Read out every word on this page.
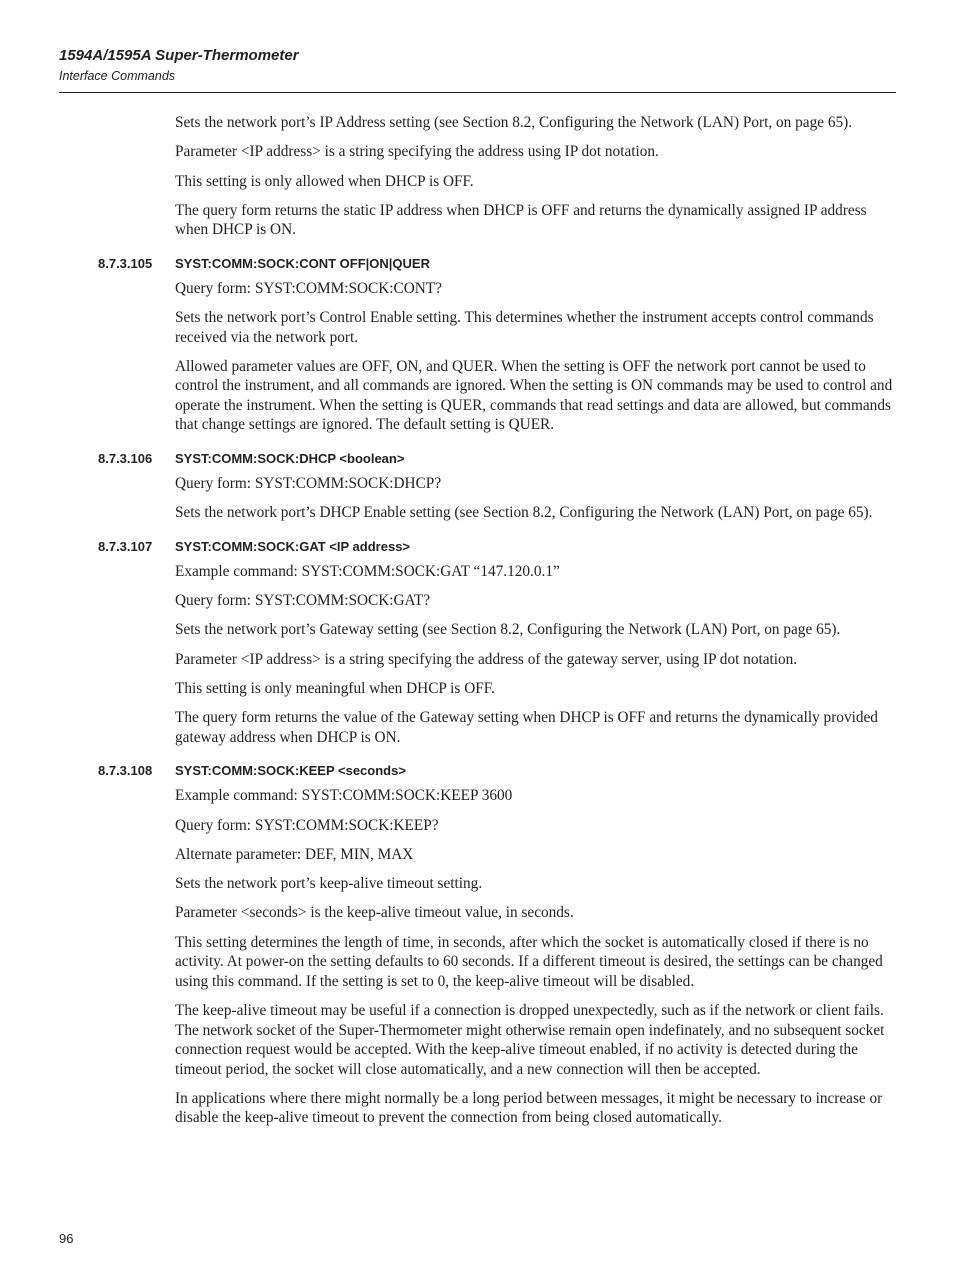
1594A/1595A Super-Thermometer
Interface Commands

Sets the network port’s IP Address setting (see Section 8.2, Configuring the Network (LAN) Port, on page 65).

Parameter <IP address> is a string specifying the address using IP dot notation.

This setting is only allowed when DHCP is OFF.

The query form returns the static IP address when DHCP is OFF and returns the dynamically assigned IP address when DHCP is ON.

8.7.3.105 SYST:COMM:SOCK:CONT OFF|ON|QUER

Query form: SYST:COMM:SOCK:CONT?

Sets the network port’s Control Enable setting. This determines whether the instrument accepts control commands received via the network port.

Allowed parameter values are OFF, ON, and QUER. When the setting is OFF the network port cannot be used to control the instrument, and all commands are ignored. When the setting is ON commands may be used to control and operate the instrument. When the setting is QUER, commands that read settings and data are allowed, but commands that change settings are ignored. The default setting is QUER.

8.7.3.106 SYST:COMM:SOCK:DHCP <boolean>

Query form: SYST:COMM:SOCK:DHCP?

Sets the network port’s DHCP Enable setting (see Section 8.2, Configuring the Network (LAN) Port, on page 65).

8.7.3.107 SYST:COMM:SOCK:GAT <IP address>

Example command: SYST:COMM:SOCK:GAT “147.120.0.1”

Query form: SYST:COMM:SOCK:GAT?

Sets the network port’s Gateway setting (see Section 8.2, Configuring the Network (LAN) Port, on page 65).

Parameter <IP address> is a string specifying the address of the gateway server, using IP dot notation.

This setting is only meaningful when DHCP is OFF.

The query form returns the value of the Gateway setting when DHCP is OFF and returns the dynamically provided gateway address when DHCP is ON.

8.7.3.108 SYST:COMM:SOCK:KEEP <seconds>

Example command: SYST:COMM:SOCK:KEEP 3600

Query form: SYST:COMM:SOCK:KEEP?

Alternate parameter: DEF, MIN, MAX

Sets the network port’s keep-alive timeout setting.

Parameter <seconds> is the keep-alive timeout value, in seconds.

This setting determines the length of time, in seconds, after which the socket is automatically closed if there is no activity. At power-on the setting defaults to 60 seconds. If a different timeout is desired, the settings can be changed using this command. If the setting is set to 0, the keep-alive timeout will be disabled.

The keep-alive timeout may be useful if a connection is dropped unexpectedly, such as if the network or client fails. The network socket of the Super-Thermometer might otherwise remain open indefinately, and no subsequent socket connection request would be accepted. With the keep-alive timeout enabled, if no activity is detected during the timeout period, the socket will close automatically, and a new connection will then be accepted.

In applications where there might normally be a long period between messages, it might be necessary to increase or disable the keep-alive timeout to prevent the connection from being closed automatically.

96
